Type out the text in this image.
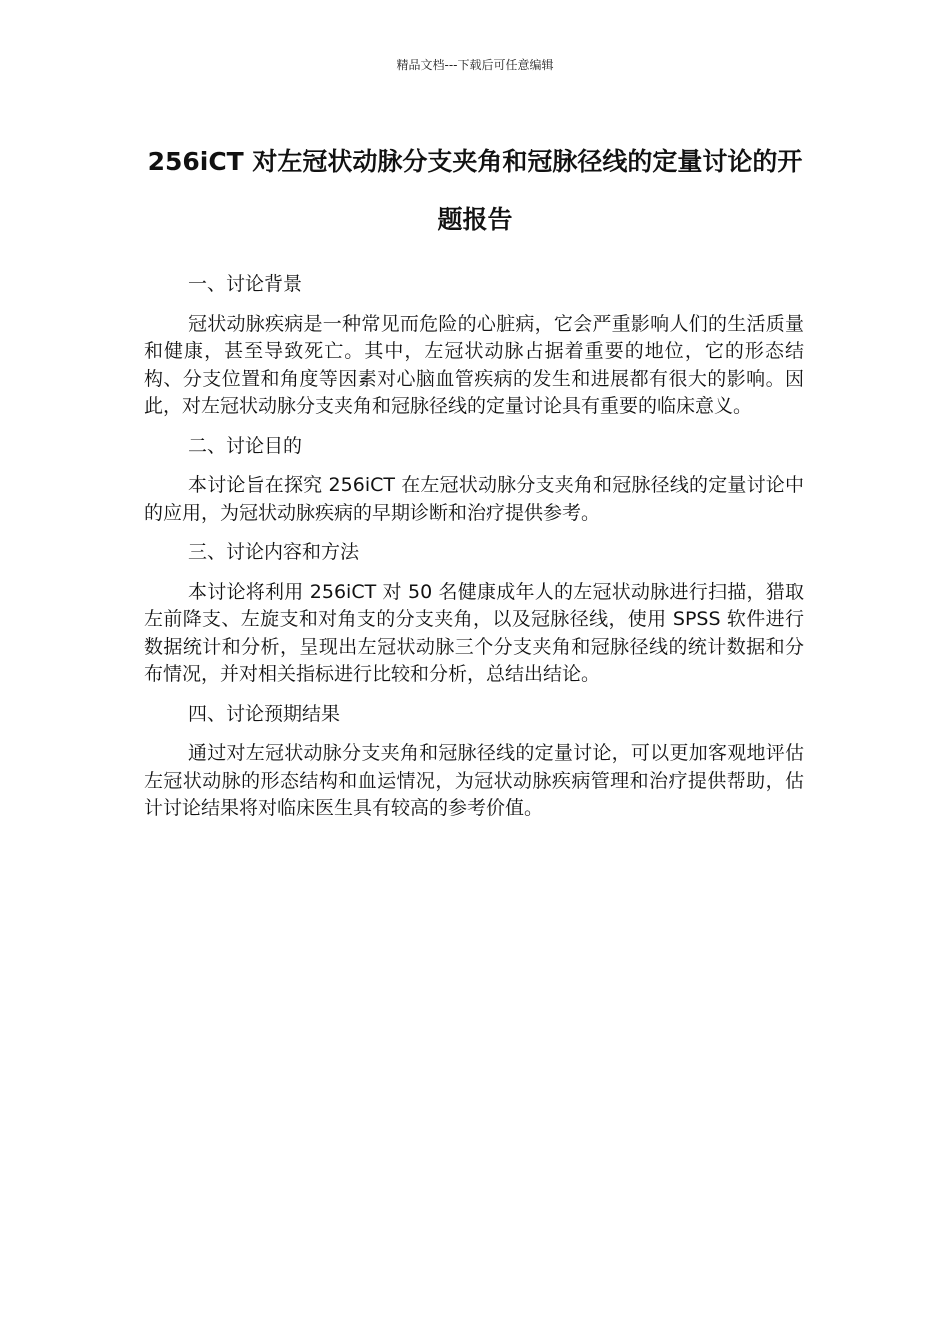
精品文档---下载后可任意编辑
256iCT 对左冠状动脉分支夹角和冠脉径线的定量讨论的开题报告

一、讨论背景

冠状动脉疾病是一种常见而危险的心脏病，它会严重影响人们的生活质量和健康，甚至导致死亡。其中，左冠状动脉占据着重要的地位，它的形态结构、分支位置和角度等因素对心脑血管疾病的发生和进展都有很大的影响。因此，对左冠状动脉分支夹角和冠脉径线的定量讨论具有重要的临床意义。

二、讨论目的

本讨论旨在探究 256iCT 在左冠状动脉分支夹角和冠脉径线的定量讨论中的应用，为冠状动脉疾病的早期诊断和治疗提供参考。

三、讨论内容和方法

本讨论将利用 256iCT 对 50 名健康成年人的左冠状动脉进行扫描，猎取左前降支、左旋支和对角支的分支夹角，以及冠脉径线，使用 SPSS 软件进行数据统计和分析，呈现出左冠状动脉三个分支夹角和冠脉径线的统计数据和分布情况，并对相关指标进行比较和分析，总结出结论。

四、讨论预期结果

通过对左冠状动脉分支夹角和冠脉径线的定量讨论，可以更加客观地评估左冠状动脉的形态结构和血运情况，为冠状动脉疾病管理和治疗提供帮助，估计讨论结果将对临床医生具有较高的参考价值。
